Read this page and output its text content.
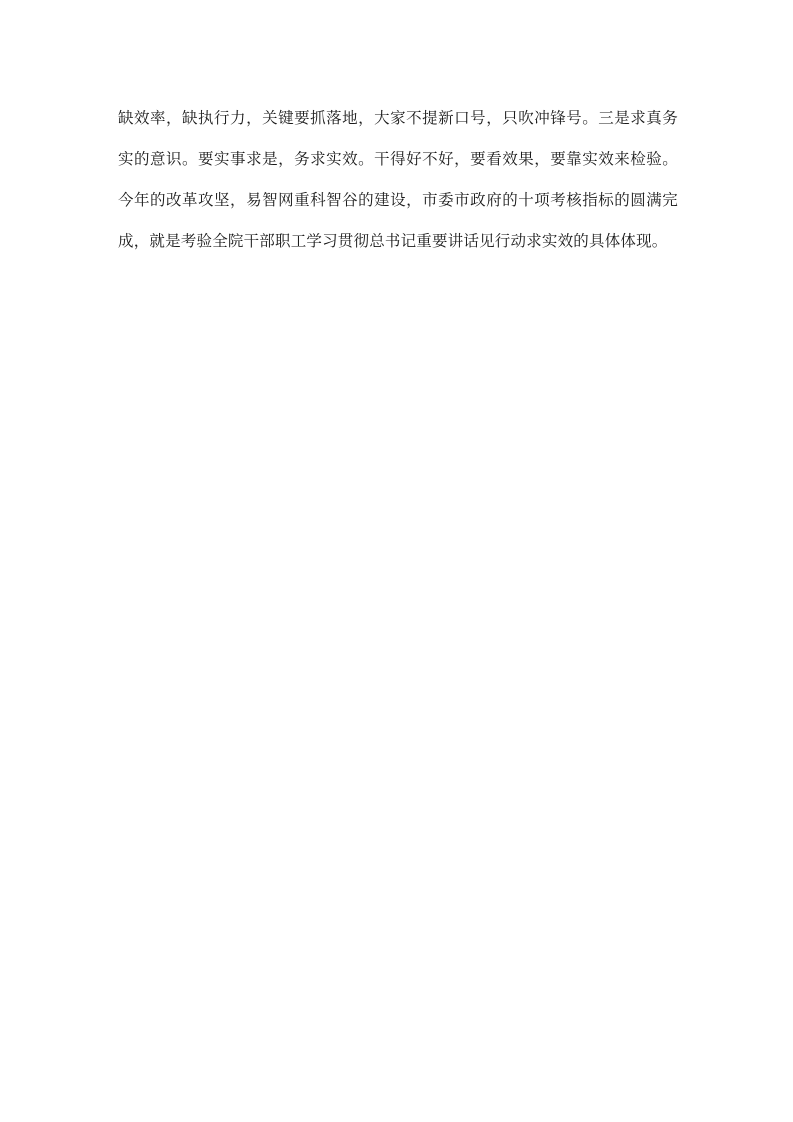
缺效率，缺执行力，关键要抓落地，大家不提新口号，只吹冲锋号。三是求真务实的意识。要实事求是，务求实效。干得好不好，要看效果，要靠实效来检验。今年的改革攻坚，易智网重科智谷的建设，市委市政府的十项考核指标的圆满完成，就是考验全院干部职工学习贯彻总书记重要讲话见行动求实效的具体体现。
